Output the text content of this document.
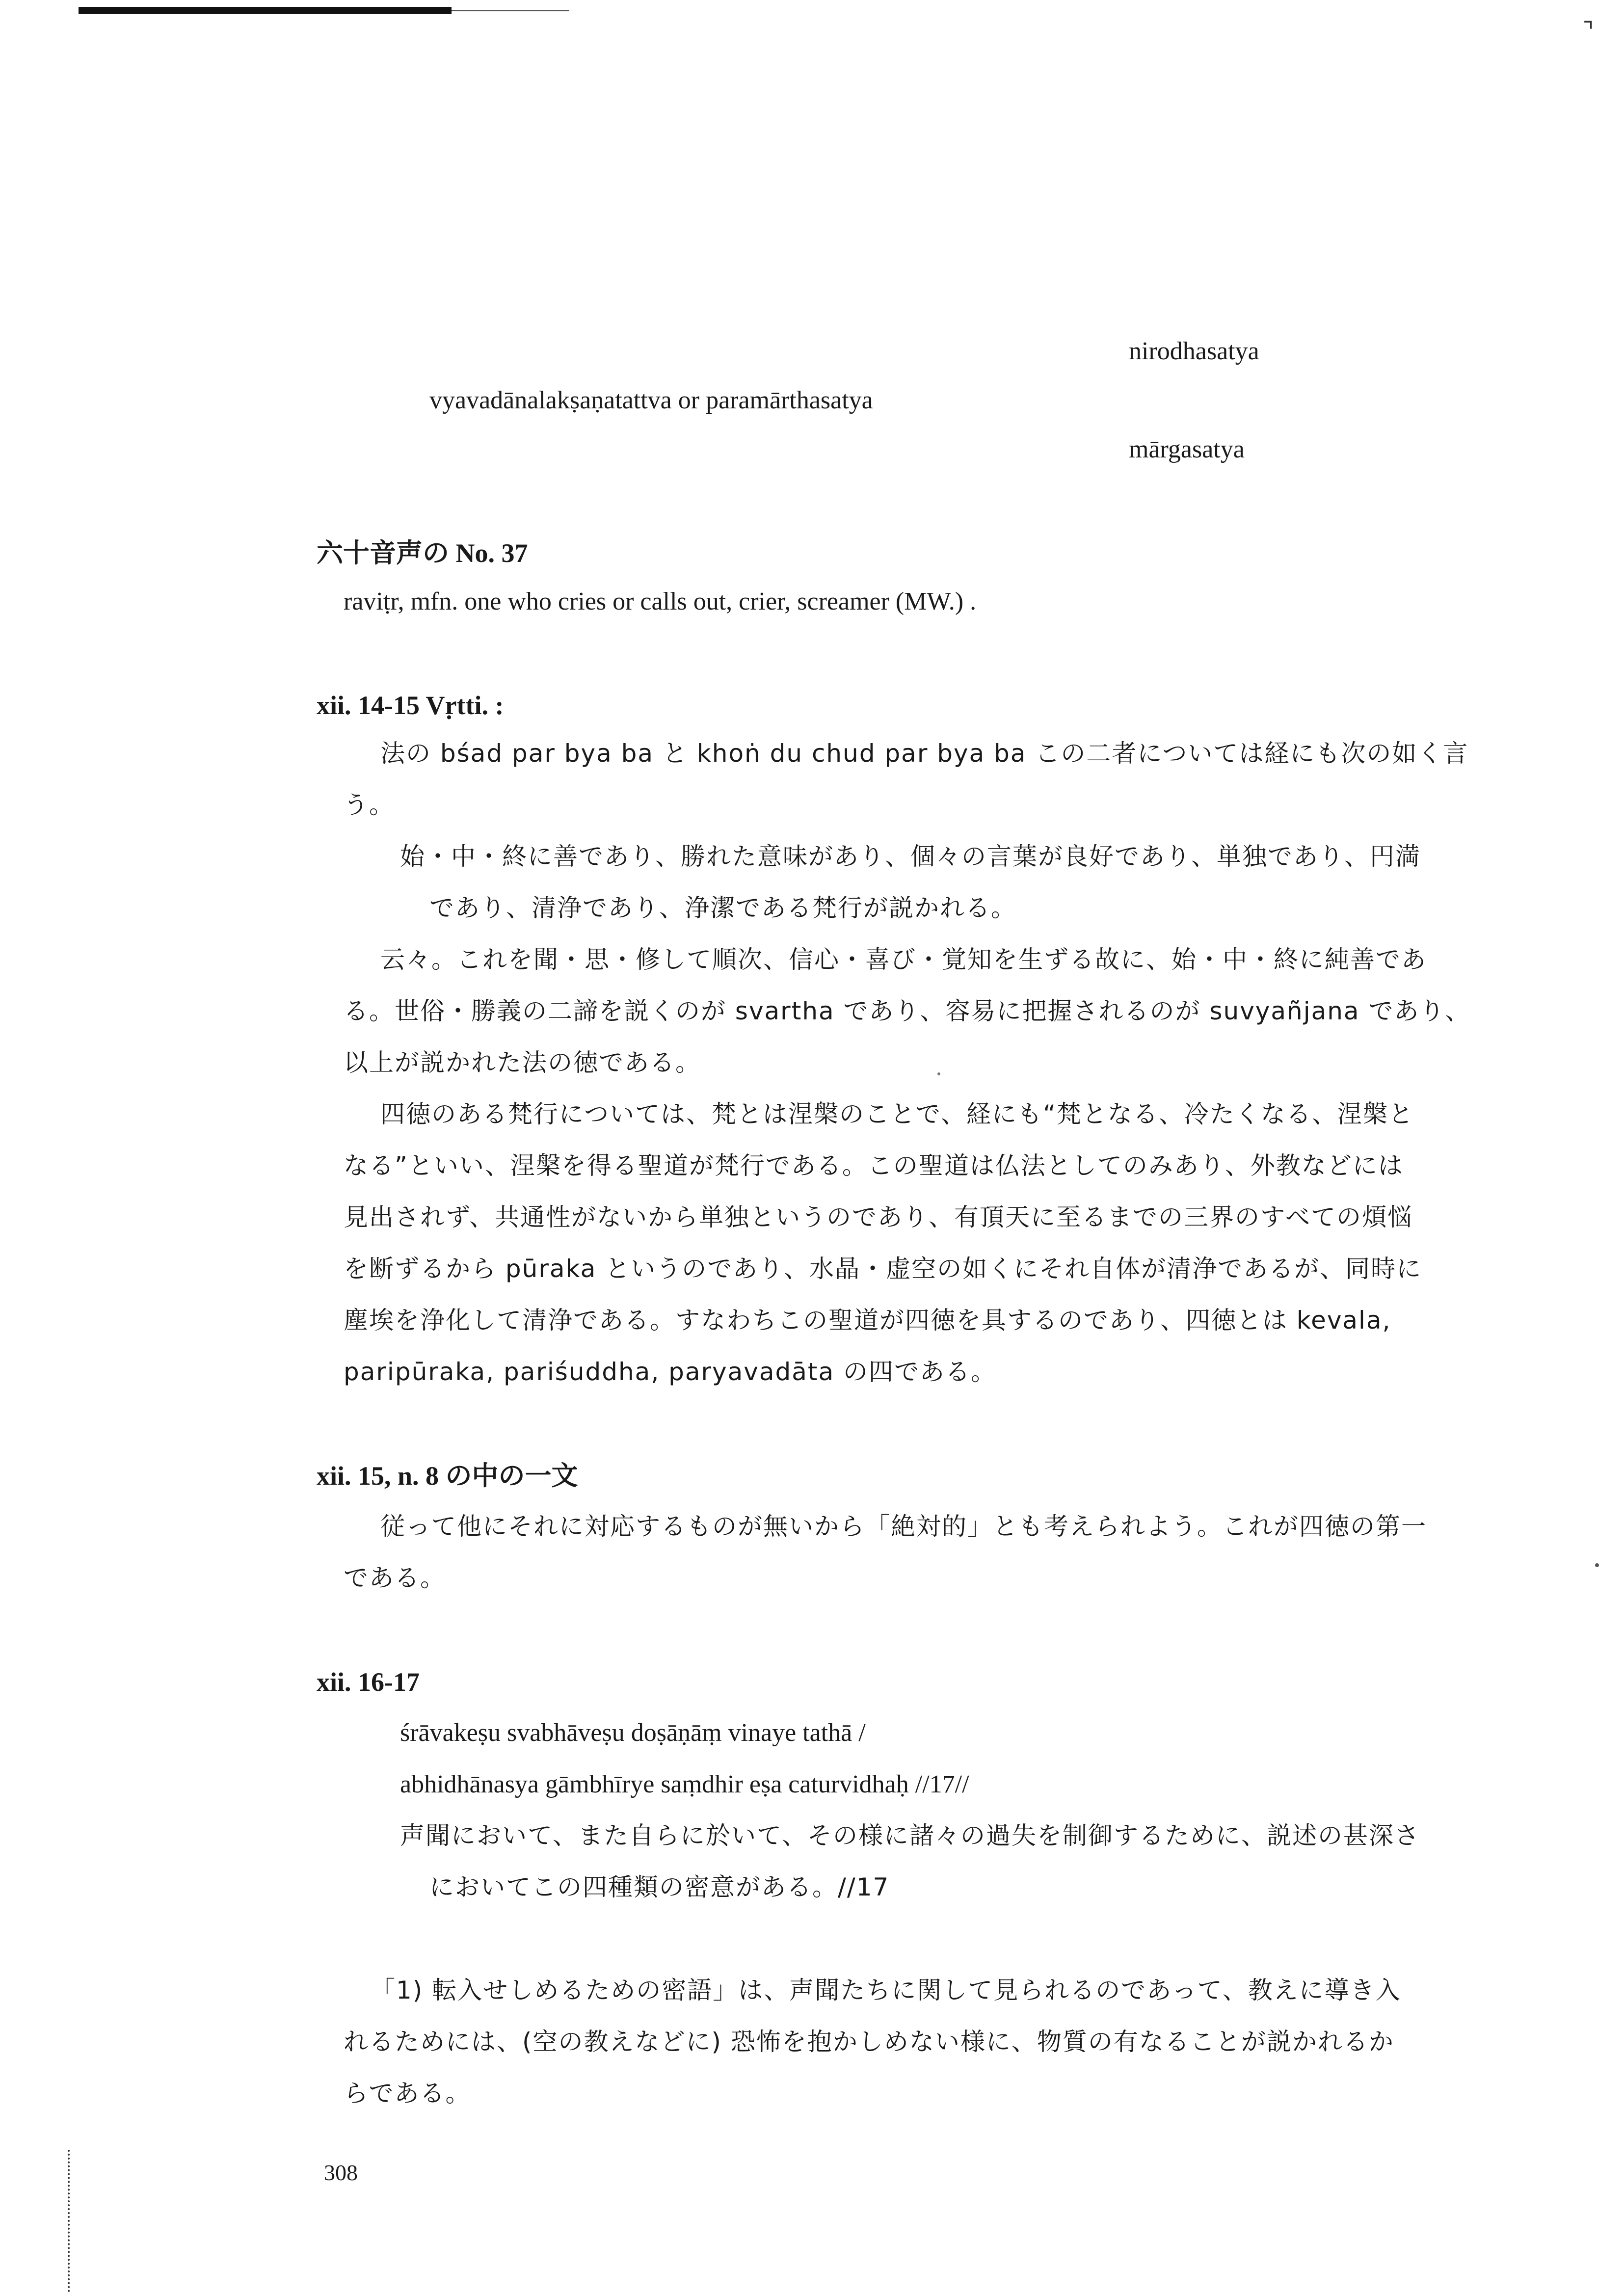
⌝
nirodhasatya
vyavadānalakṣaṇatattva or paramārthasatya
mārgasatya
六十音声の No. 37
raviṭr, mfn. one who cries or calls out, crier, screamer (MW.) .
xii. 14-15 Vṛtti. :
法の bśad par bya ba と khoṅ du chud par bya ba この二者については経にも次の如く言
う。
始・中・終に善であり、勝れた意味があり、個々の言葉が良好であり、単独であり、円満
であり、清浄であり、浄潔である梵行が説かれる。
云々。これを聞・思・修して順次、信心・喜び・覚知を生ずる故に、始・中・終に純善であ
る。世俗・勝義の二諦を説くのが svartha であり、容易に把握されるのが suvyañjana であり、
以上が説かれた法の徳である。
四徳のある梵行については、梵とは涅槃のことで、経にも“梵となる、冷たくなる、涅槃と
なる”といい、涅槃を得る聖道が梵行である。この聖道は仏法としてのみあり、外教などには
見出されず、共通性がないから単独というのであり、有頂天に至るまでの三界のすべての煩悩
を断ずるから pūraka というのであり、水晶・虚空の如くにそれ自体が清浄であるが、同時に
塵埃を浄化して清浄である。すなわちこの聖道が四徳を具するのであり、四徳とは kevala,
paripūraka, pariśuddha, paryavadāta の四である。
xii. 15, n. 8 の中の一文
従って他にそれに対応するものが無いから「絶対的」とも考えられよう。これが四徳の第一
である。
xii. 16-17
śrāvakeṣu svabhāveṣu doṣāṇāṃ vinaye tathā /
abhidhānasya gāmbhīrye saṃdhir eṣa caturvidhaḥ //17//
声聞において、また自らに於いて、その様に諸々の過失を制御するために、説述の甚深さ
においてこの四種類の密意がある。//17
「1) 転入せしめるための密語」は、声聞たちに関して見られるのであって、教えに導き入
れるためには、(空の教えなどに) 恐怖を抱かしめない様に、物質の有なることが説かれるか
らである。
308
